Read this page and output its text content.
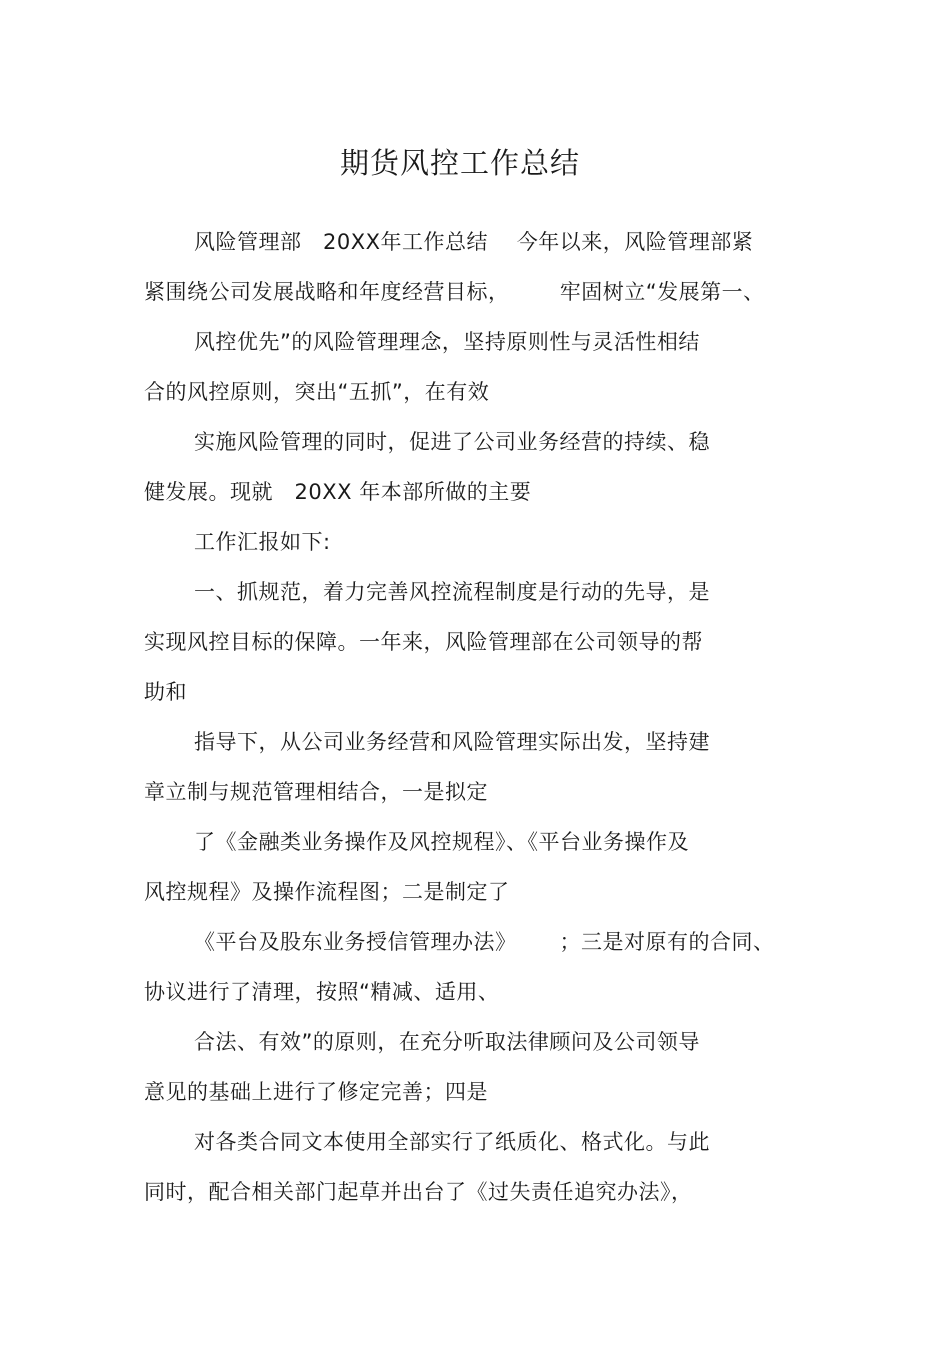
期货风控工作总结
风险管理部   20XX年工作总结    今年以来，风险管理部紧
紧围绕公司发展战略和年度经营目标，       牢固树立“发展第一、
风控优先”的风险管理理念，坚持原则性与灵活性相结
合的风控原则，突出“五抓”，在有效
实施风险管理的同时，促进了公司业务经营的持续、稳
健发展。现就   20XX 年本部所做的主要
工作汇报如下:
一、抓规范，着力完善风控流程制度是行动的先导，是
实现风控目标的保障。一年来，风险管理部在公司领导的帮
助和
指导下，从公司业务经营和风险管理实际出发，坚持建
章立制与规范管理相结合，一是拟定
了《金融类业务操作及风控规程》、《平台业务操作及
风控规程》及操作流程图；二是制定了
《平台及股东业务授信管理办法》      ；三是对原有的合同、
协议进行了清理，按照“精减、适用、
合法、有效”的原则，在充分听取法律顾问及公司领导
意见的基础上进行了修定完善；四是
对各类合同文本使用全部实行了纸质化、格式化。与此
同时，配合相关部门起草并出台了《过失责任追究办法》，
